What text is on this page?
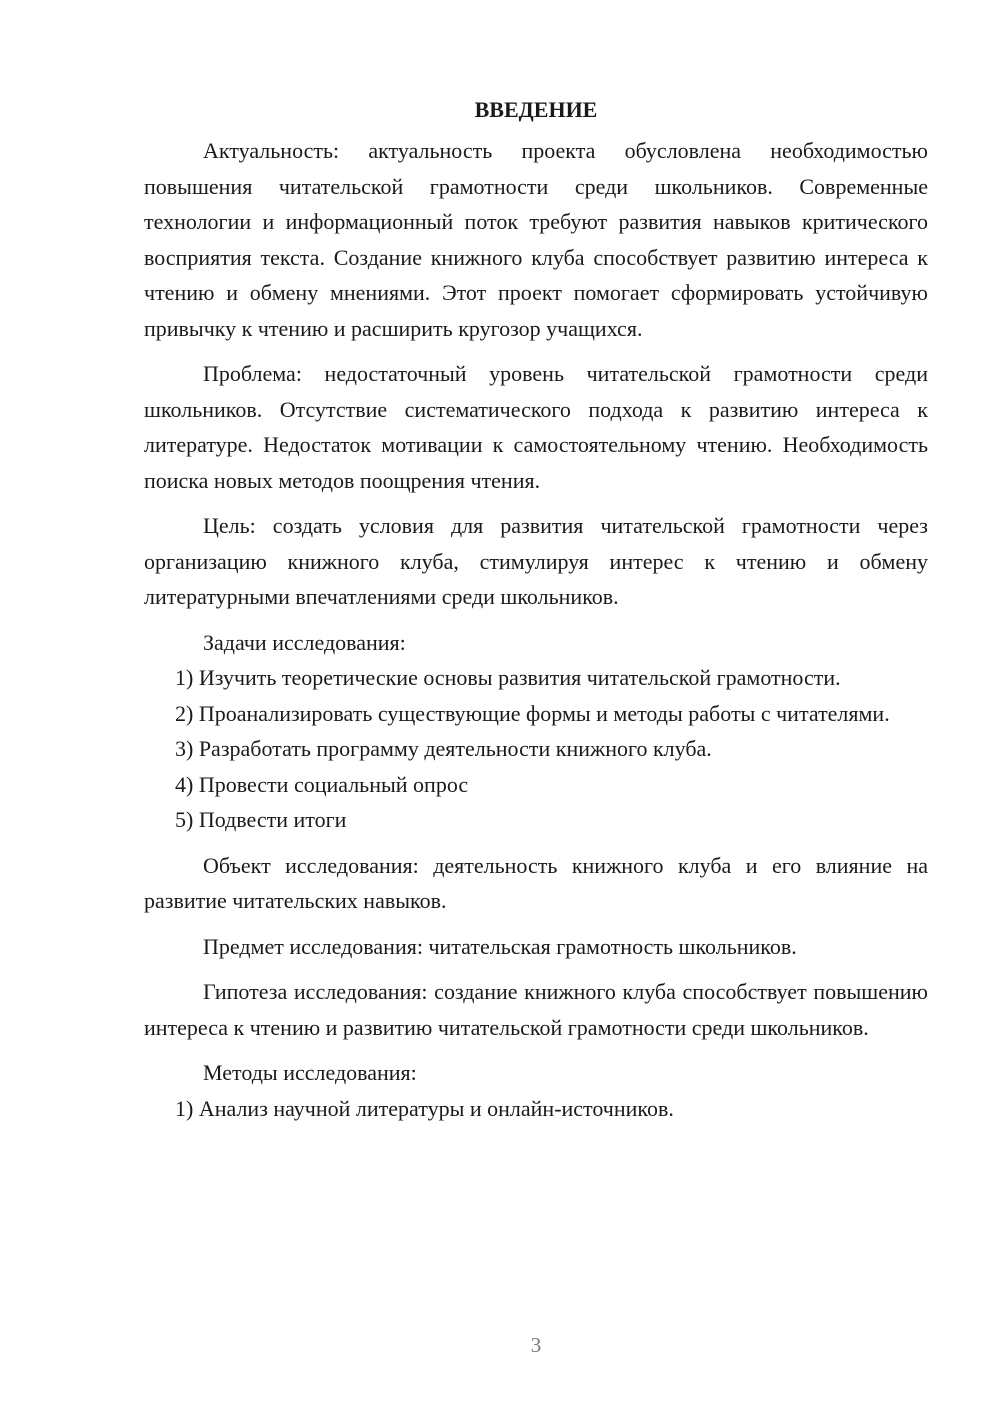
ВВЕДЕНИЕ

Актуальность: актуальность проекта обусловлена необходимостью повышения читательской грамотности среди школьников. Современные технологии и информационный поток требуют развития навыков критического восприятия текста. Создание книжного клуба способствует развитию интереса к чтению и обмену мнениями. Этот проект помогает сформировать устойчивую привычку к чтению и расширить кругозор учащихся.

Проблема: недостаточный уровень читательской грамотности среди школьников. Отсутствие систематического подхода к развитию интереса к литературе. Недостаток мотивации к самостоятельному чтению. Необходимость поиска новых методов поощрения чтения.

Цель: создать условия для развития читательской грамотности через организацию книжного клуба, стимулируя интерес к чтению и обмену литературными впечатлениями среди школьников.

Задачи исследования:

1) Изучить теоретические основы развития читательской грамотности.

2) Проанализировать существующие формы и методы работы с читателями.

3) Разработать программу деятельности книжного клуба.

4) Провести социальный опрос

5) Подвести итоги

Объект исследования: деятельность книжного клуба и его влияние на развитие читательских навыков.

Предмет исследования: читательская грамотность школьников.

Гипотеза исследования: создание книжного клуба способствует повышению интереса к чтению и развитию читательской грамотности среди школьников.

Методы исследования:

1) Анализ научной литературы и онлайн-источников.

3
